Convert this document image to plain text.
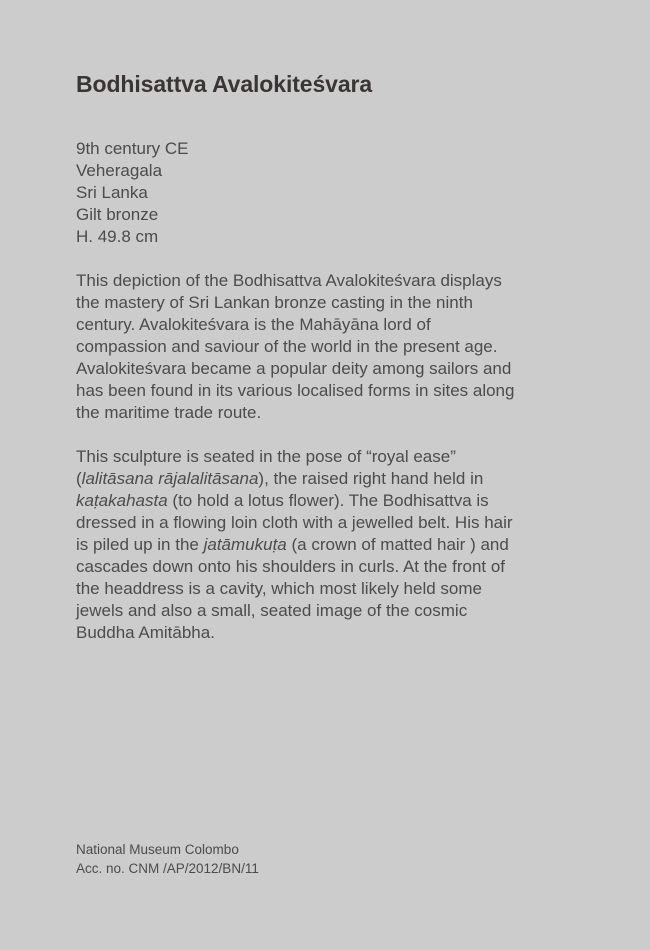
Bodhisattva Avalokiteśvara
9th century CE
Veheragala
Sri Lanka
Gilt bronze
H. 49.8 cm

This depiction of the Bodhisattva Avalokiteśvara displays the mastery of Sri Lankan bronze casting in the ninth century. Avalokiteśvara is the Mahāyāna lord of compassion and saviour of the world in the present age. Avalokiteśvara became a popular deity among sailors and has been found in its various localised forms in sites along the maritime trade route.

This sculpture is seated in the pose of “royal ease” (lalitāsana rājalalitāsana), the raised right hand held in kaṭakahasta (to hold a lotus flower). The Bodhisattva is dressed in a flowing loin cloth with a jewelled belt. His hair is piled up in the jatāmukuṭa (a crown of matted hair ) and cascades down onto his shoulders in curls. At the front of the headdress is a cavity, which most likely held some jewels and also a small, seated image of the cosmic Buddha Amitābha.

National Museum Colombo
Acc. no. CNM /AP/2012/BN/11
